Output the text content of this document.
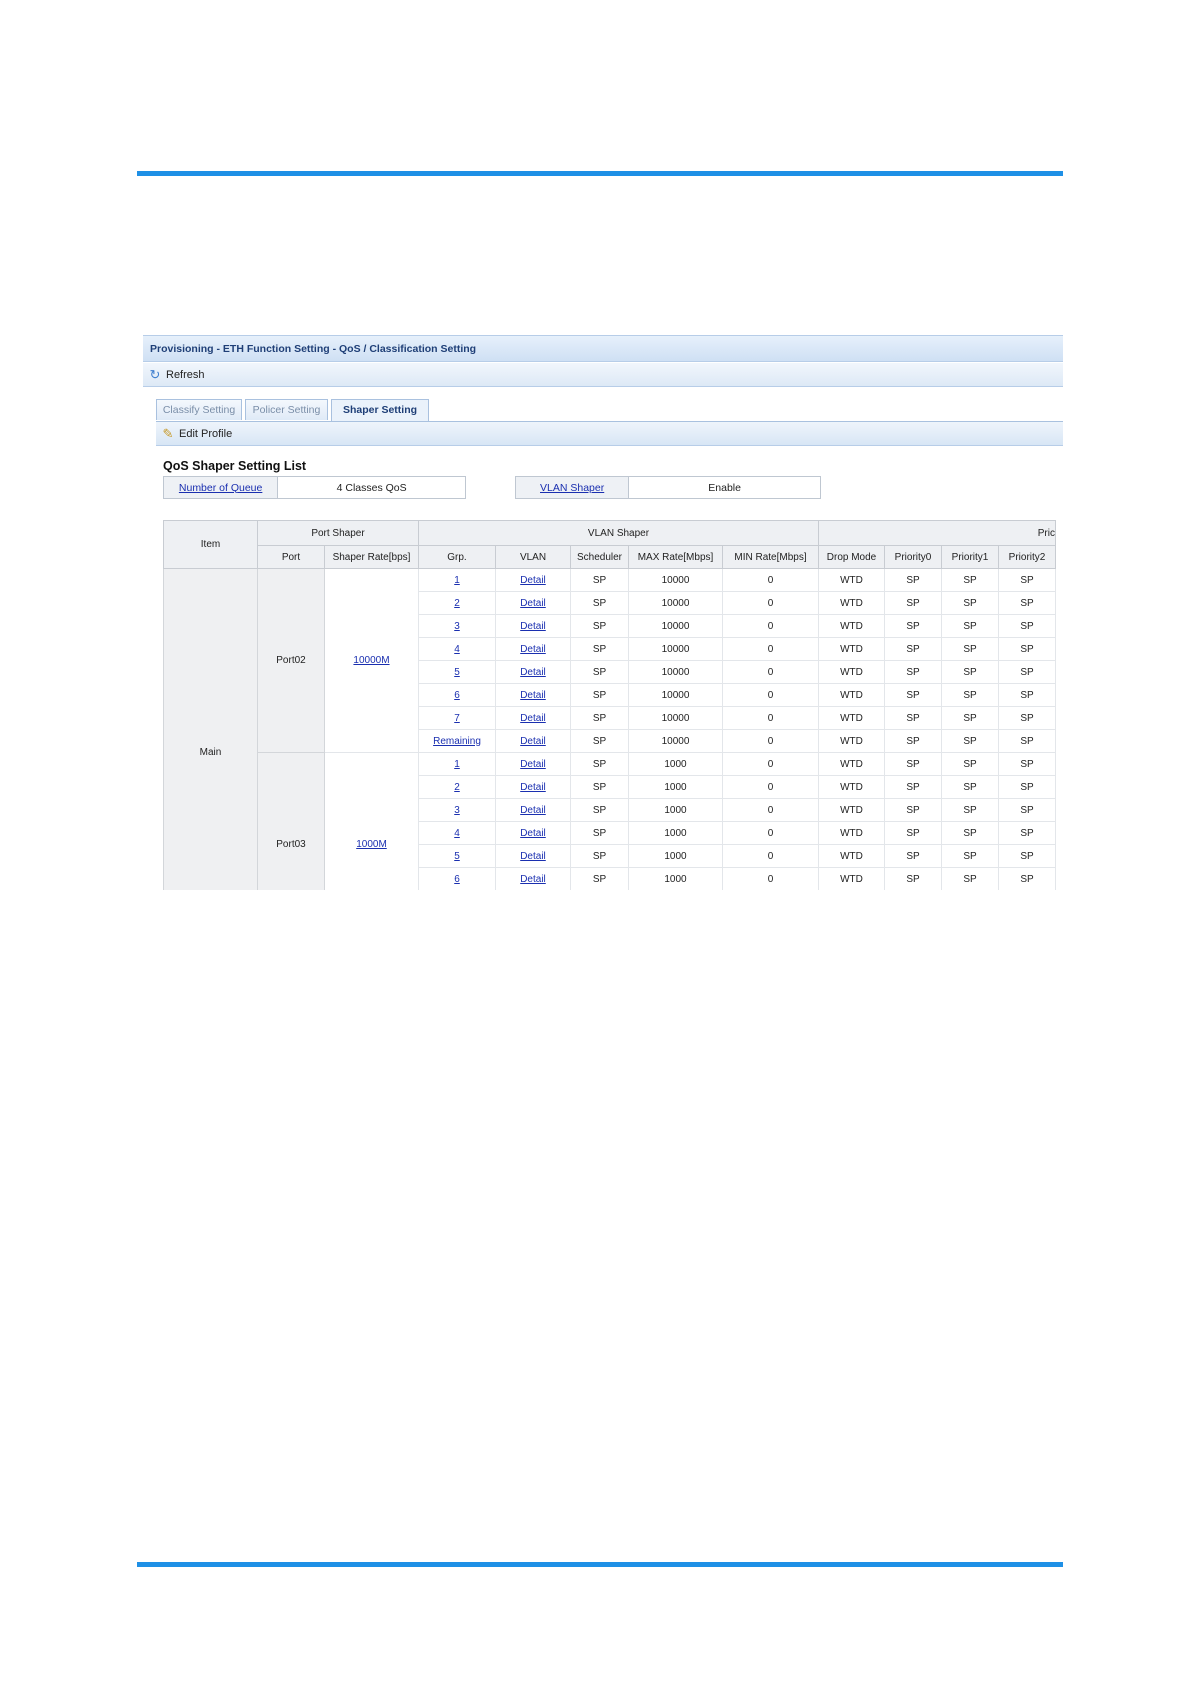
Provisioning - ETH Function Setting - QoS / Classification Setting
↻ Refresh
Classify Setting	Policer Setting	Shaper Setting
✎ Edit Profile
QoS Shaper Setting List
Number of Queue	4 Classes QoS	VLAN Shaper	Enable
Item	Port Shaper		VLAN Shaper					Pric			
	Port	Shaper Rate[bps]	Grp.	VLAN	Scheduler	MAX Rate[Mbps]	MIN Rate[Mbps]	Drop Mode	Priority0	Priority1	Priority2
Main	Port02	10000M	1	Detail	SP	10000	0	WTD	SP	SP	SP
			2	Detail	SP	10000	0	WTD	SP	SP	SP
			3	Detail	SP	10000	0	WTD	SP	SP	SP
			4	Detail	SP	10000	0	WTD	SP	SP	SP
			5	Detail	SP	10000	0	WTD	SP	SP	SP
			6	Detail	SP	10000	0	WTD	SP	SP	SP
			7	Detail	SP	10000	0	WTD	SP	SP	SP
			Remaining	Detail	SP	10000	0	WTD	SP	SP	SP
	Port03	1000M	1	Detail	SP	1000	0	WTD	SP	SP	SP
			2	Detail	SP	1000	0	WTD	SP	SP	SP
			3	Detail	SP	1000	0	WTD	SP	SP	SP
			4	Detail	SP	1000	0	WTD	SP	SP	SP
			5	Detail	SP	1000	0	WTD	SP	SP	SP
			6	Detail	SP	1000	0	WTD	SP	SP	SP
